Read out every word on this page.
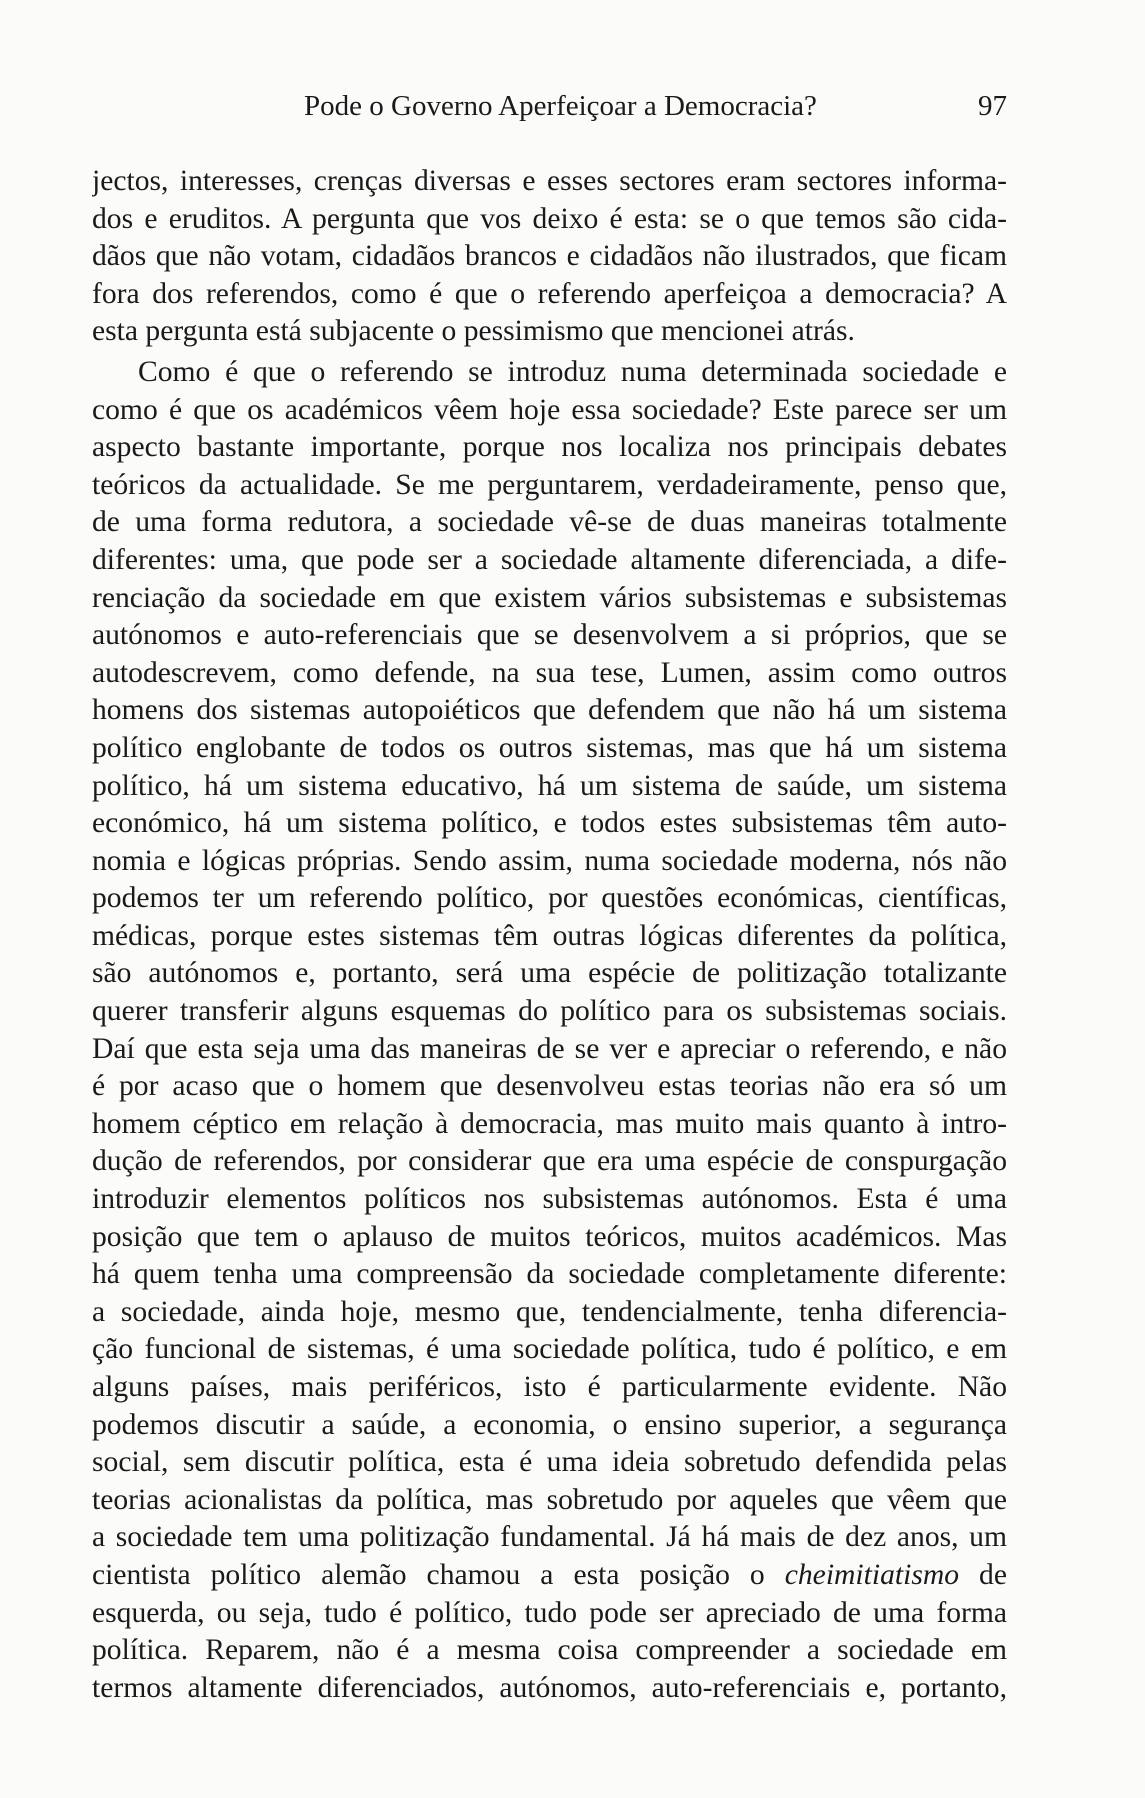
Pode o Governo Aperfeiçoar a Democracia?	97
jectos, interesses, crenças diversas e esses sectores eram sectores informa-
dos e eruditos. A pergunta que vos deixo é esta: se o que temos são cida-
dãos que não votam, cidadãos brancos e cidadãos não ilustrados, que ficam
fora dos referendos, como é que o referendo aperfeiçoa a democracia? A
esta pergunta está subjacente o pessimismo que mencionei atrás.
Como é que o referendo se introduz numa determinada sociedade e
como é que os académicos vêem hoje essa sociedade? Este parece ser um
aspecto bastante importante, porque nos localiza nos principais debates
teóricos da actualidade. Se me perguntarem, verdadeiramente, penso que,
de uma forma redutora, a sociedade vê-se de duas maneiras totalmente
diferentes: uma, que pode ser a sociedade altamente diferenciada, a dife-
renciação da sociedade em que existem vários subsistemas e subsistemas
autónomos e auto-referenciais que se desenvolvem a si próprios, que se
autodescrevem, como defende, na sua tese, Lumen, assim como outros
homens dos sistemas autopoiéticos que defendem que não há um sistema
político englobante de todos os outros sistemas, mas que há um sistema
político, há um sistema educativo, há um sistema de saúde, um sistema
económico, há um sistema político, e todos estes subsistemas têm auto-
nomia e lógicas próprias. Sendo assim, numa sociedade moderna, nós não
podemos ter um referendo político, por questões económicas, científicas,
médicas, porque estes sistemas têm outras lógicas diferentes da política,
são autónomos e, portanto, será uma espécie de politização totalizante
querer transferir alguns esquemas do político para os subsistemas sociais.
Daí que esta seja uma das maneiras de se ver e apreciar o referendo, e não
é por acaso que o homem que desenvolveu estas teorias não era só um
homem céptico em relação à democracia, mas muito mais quanto à intro-
dução de referendos, por considerar que era uma espécie de conspurgação
introduzir elementos políticos nos subsistemas autónomos. Esta é uma
posição que tem o aplauso de muitos teóricos, muitos académicos. Mas
há quem tenha uma compreensão da sociedade completamente diferente:
a sociedade, ainda hoje, mesmo que, tendencialmente, tenha diferencia-
ção funcional de sistemas, é uma sociedade política, tudo é político, e em
alguns países, mais periféricos, isto é particularmente evidente. Não
podemos discutir a saúde, a economia, o ensino superior, a segurança
social, sem discutir política, esta é uma ideia sobretudo defendida pelas
teorias acionalistas da política, mas sobretudo por aqueles que vêem que
a sociedade tem uma politização fundamental. Já há mais de dez anos, um
cientista político alemão chamou a esta posição o cheimitiatismo de
esquerda, ou seja, tudo é político, tudo pode ser apreciado de uma forma
política. Reparem, não é a mesma coisa compreender a sociedade em
termos altamente diferenciados, autónomos, auto-referenciais e, portanto,
